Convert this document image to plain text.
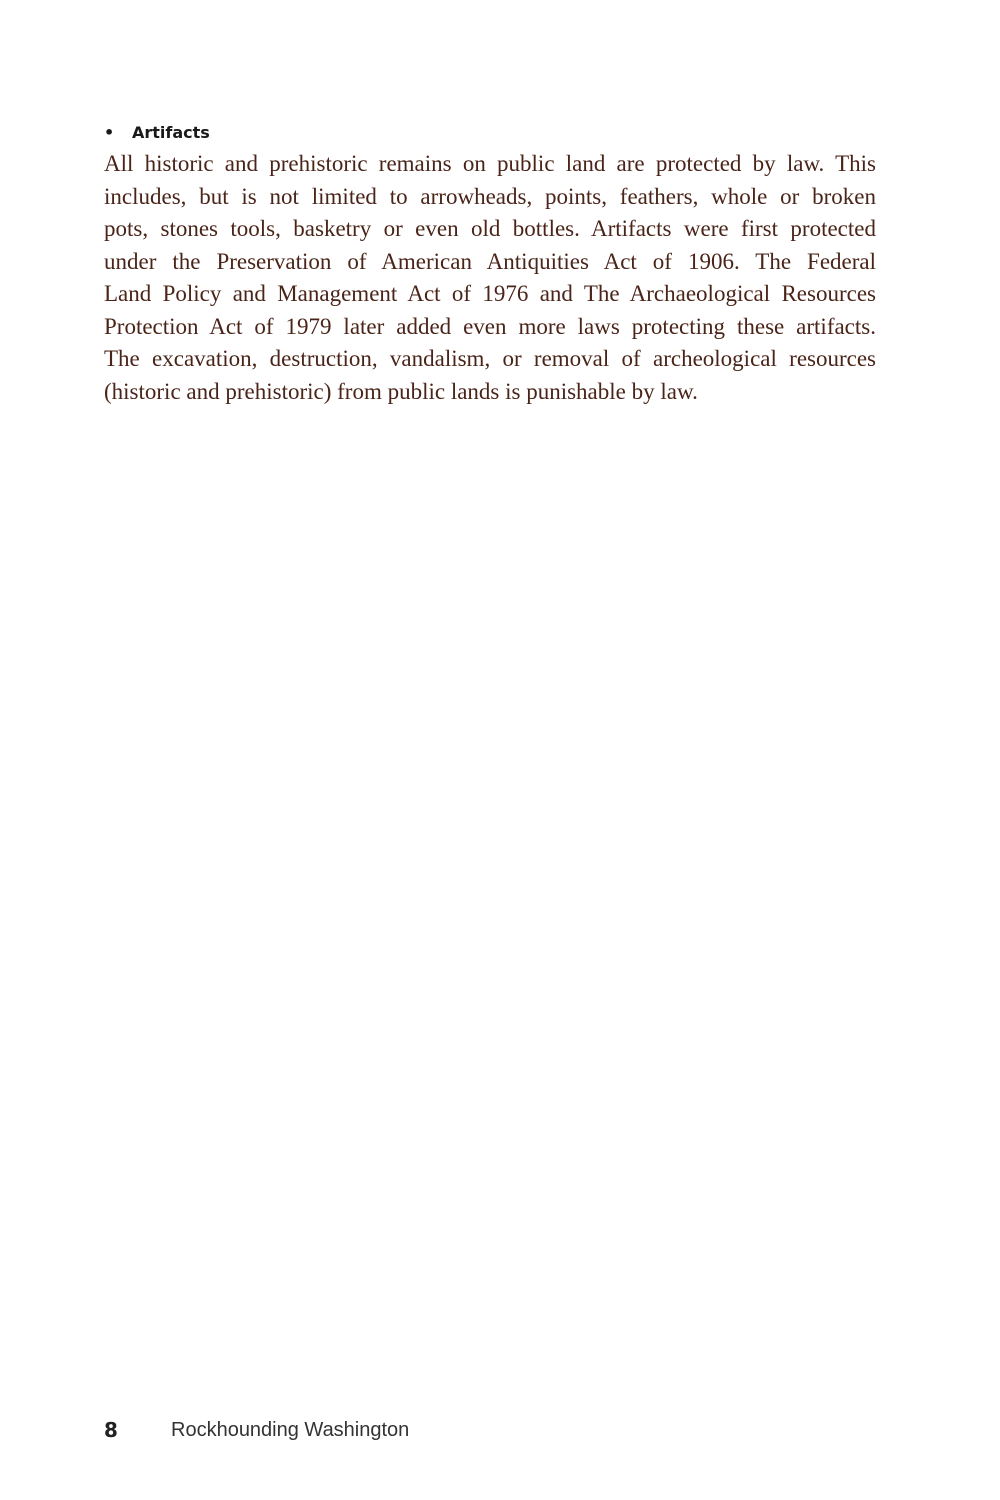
• Artifacts

All historic and prehistoric remains on public land are protected by law. This
includes, but is not limited to arrowheads, points, feathers, whole or broken
pots, stones tools, basketry or even old bottles. Artifacts were first protected
under the Preservation of American Antiquities Act of 1906. The Federal
Land Policy and Management Act of 1976 and The Archaeological Resources
Protection Act of 1979 later added even more laws protecting these artifacts.
The excavation, destruction, vandalism, or removal of archeological resources
(historic and prehistoric) from public lands is punishable by law.

8	Rockhounding Washington
